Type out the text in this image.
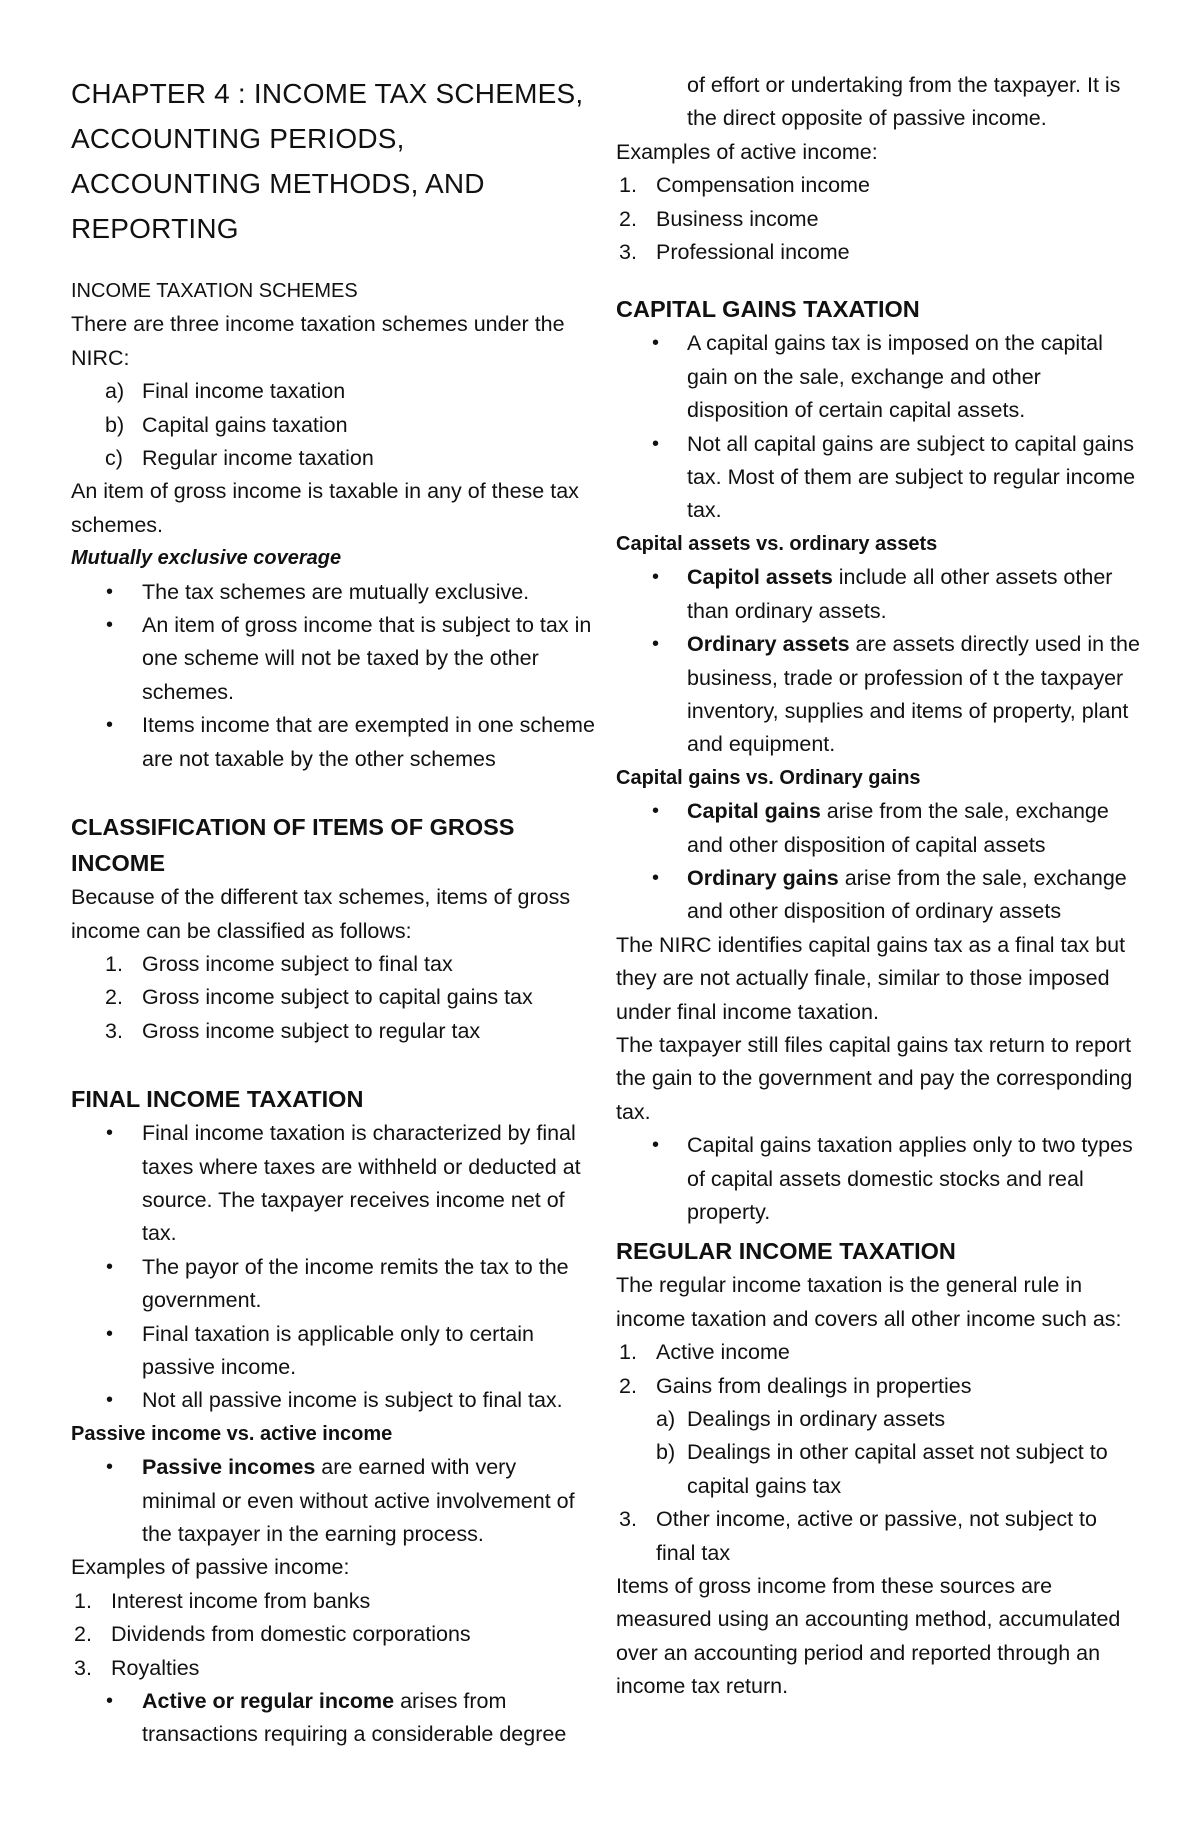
CHAPTER 4 : INCOME TAX SCHEMES, ACCOUNTING PERIODS, ACCOUNTING METHODS, AND REPORTING
INCOME TAXATION SCHEMES

There are three income taxation schemes under the NIRC:

a) Final income taxation
b) Capital gains taxation
c) Regular income taxation

An item of gross income is taxable in any of these tax schemes.

Mutually exclusive coverage

• The tax schemes are mutually exclusive.
• An item of gross income that is subject to tax in one scheme will not be taxed by the other schemes.
• Items income that are exempted in one scheme are not taxable by the other schemes
CLASSIFICATION OF ITEMS OF GROSS INCOME

Because of the different tax schemes, items of gross income can be classified as follows:

1. Gross income subject to final tax
2. Gross income subject to capital gains tax
3. Gross income subject to regular tax
FINAL INCOME TAXATION
• Final income taxation is characterized by final taxes where taxes are withheld or deducted at source. The taxpayer receives income net of tax.
• The payor of the income remits the tax to the government.
• Final taxation is applicable only to certain passive income.
• Not all passive income is subject to final tax.
Passive income vs. active income
• Passive incomes are earned with very minimal or even without active involvement of the taxpayer in the earning process.

Examples of passive income:

1. Interest income from banks
2. Dividends from domestic corporations
3. Royalties
• Active or regular income arises from transactions requiring a considerable degree
of effort or undertaking from the taxpayer. It is the direct opposite of passive income.

Examples of active income:

1. Compensation income
2. Business income
3. Professional income
CAPITAL GAINS TAXATION
• A capital gains tax is imposed on the capital gain on the sale, exchange and other disposition of certain capital assets.
• Not all capital gains are subject to capital gains tax. Most of them are subject to regular income tax.
Capital assets vs. ordinary assets
• Capitol assets include all other assets other than ordinary assets.
• Ordinary assets are assets directly used in the business, trade or profession of t the taxpayer inventory, supplies and items of property, plant and equipment.
Capital gains vs. Ordinary gains
• Capital gains arise from the sale, exchange and other disposition of capital assets
• Ordinary gains arise from the sale, exchange and other disposition of ordinary assets

The NIRC identifies capital gains tax as a final tax but they are not actually finale, similar to those imposed under final income taxation.

The taxpayer still files capital gains tax return to report the gain to the government and pay the corresponding tax.

• Capital gains taxation applies only to two types of capital assets domestic stocks and real property.
REGULAR INCOME TAXATION

The regular income taxation is the general rule in income taxation and covers all other income such as:

1. Active income
2. Gains from dealings in properties
a) Dealings in ordinary assets
b) Dealings in other capital asset not subject to capital gains tax
3. Other income, active or passive, not subject to final tax

Items of gross income from these sources are measured using an accounting method, accumulated over an accounting period and reported through an income tax return.
